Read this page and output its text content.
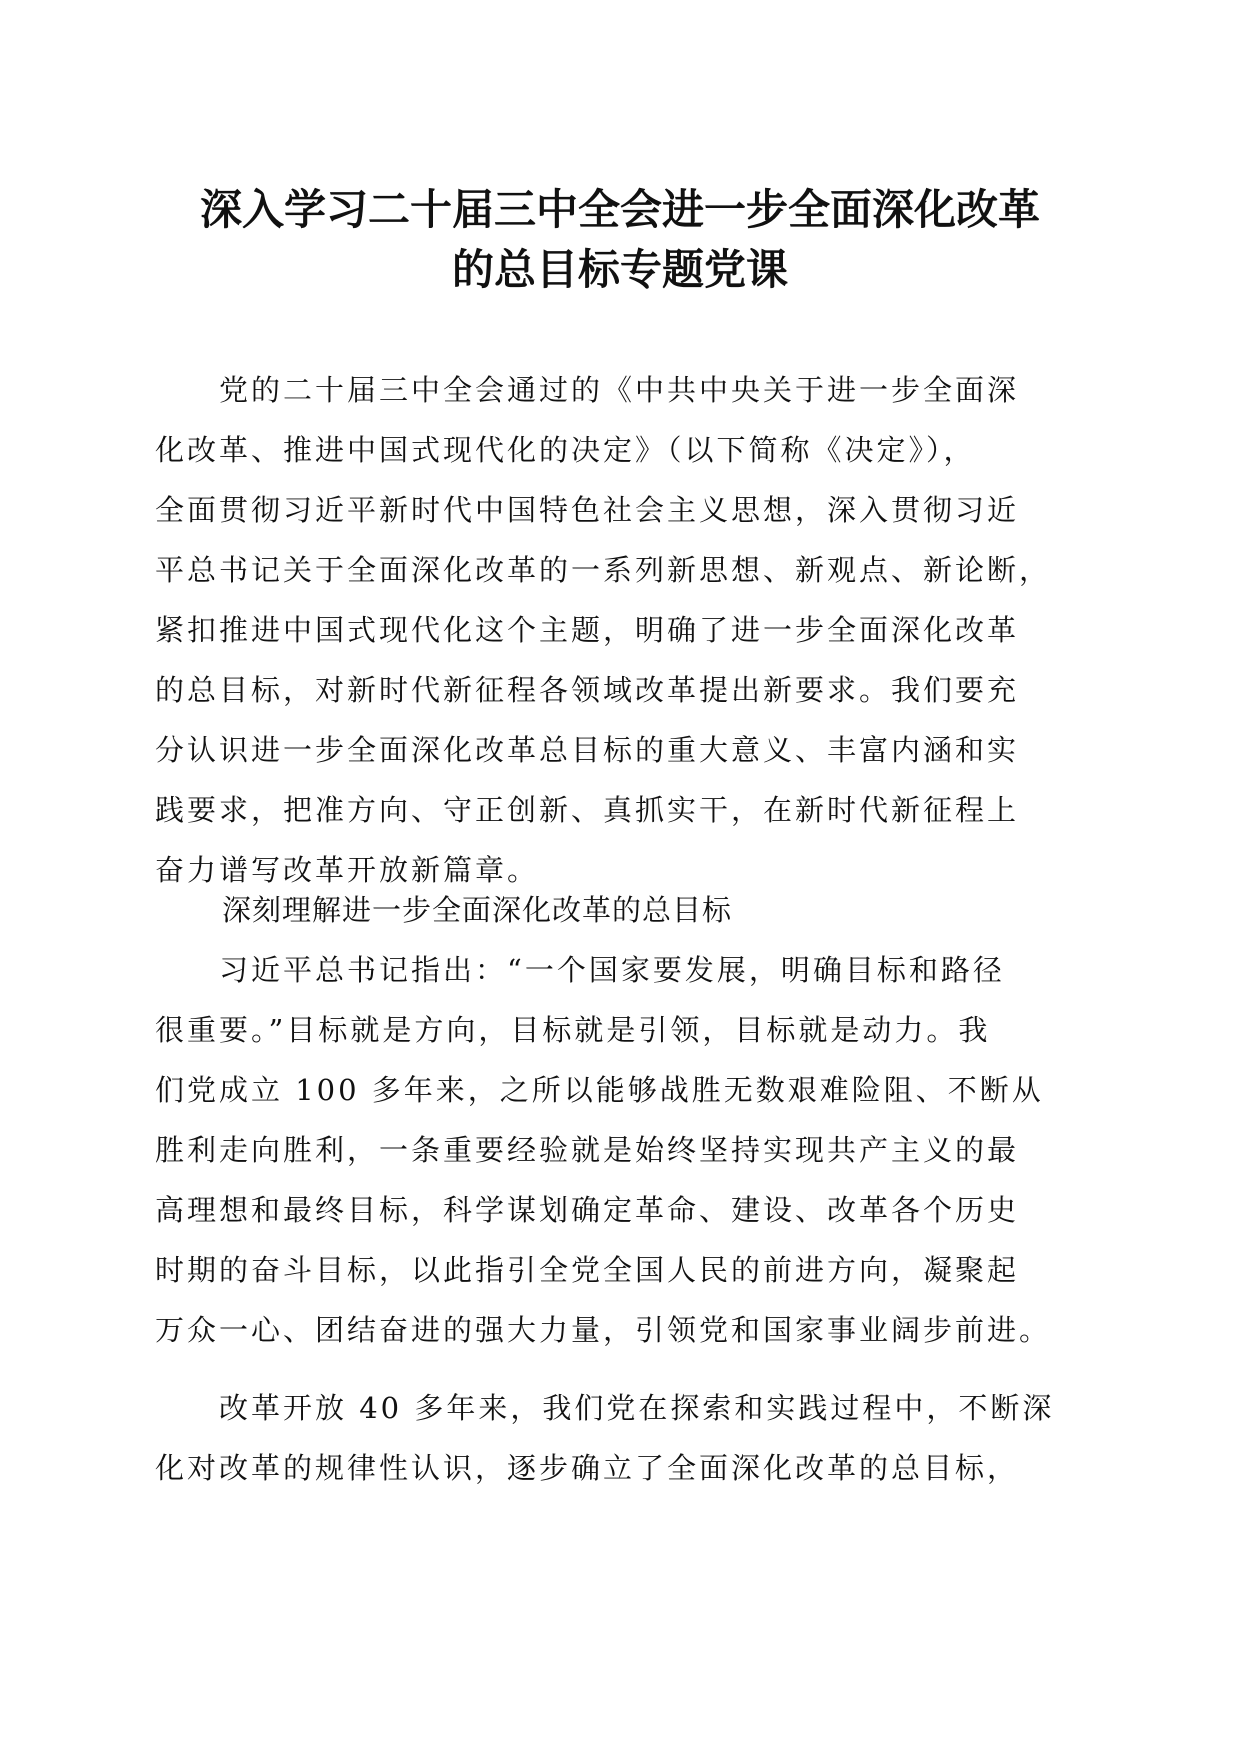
深入学习二十届三中全会进一步全面深化改革
的总目标专题党课
　　党的二十届三中全会通过的《中共中央关于进一步全面深
化改革、推进中国式现代化的决定》（以下简称《决定》），
全面贯彻习近平新时代中国特色社会主义思想，深入贯彻习近
平总书记关于全面深化改革的一系列新思想、新观点、新论断，
紧扣推进中国式现代化这个主题，明确了进一步全面深化改革
的总目标，对新时代新征程各领域改革提出新要求。我们要充
分认识进一步全面深化改革总目标的重大意义、丰富内涵和实
践要求，把准方向、守正创新、真抓实干，在新时代新征程上
奋力谱写改革开放新篇章。
深刻理解进一步全面深化改革的总目标
　　习近平总书记指出：“一个国家要发展，明确目标和路径
很重要。”目标就是方向，目标就是引领，目标就是动力。我
们党成立 100 多年来，之所以能够战胜无数艰难险阻、不断从
胜利走向胜利，一条重要经验就是始终坚持实现共产主义的最
高理想和最终目标，科学谋划确定革命、建设、改革各个历史
时期的奋斗目标，以此指引全党全国人民的前进方向，凝聚起
万众一心、团结奋进的强大力量，引领党和国家事业阔步前进。
　　改革开放 40 多年来，我们党在探索和实践过程中，不断深
化对改革的规律性认识，逐步确立了全面深化改革的总目标，
